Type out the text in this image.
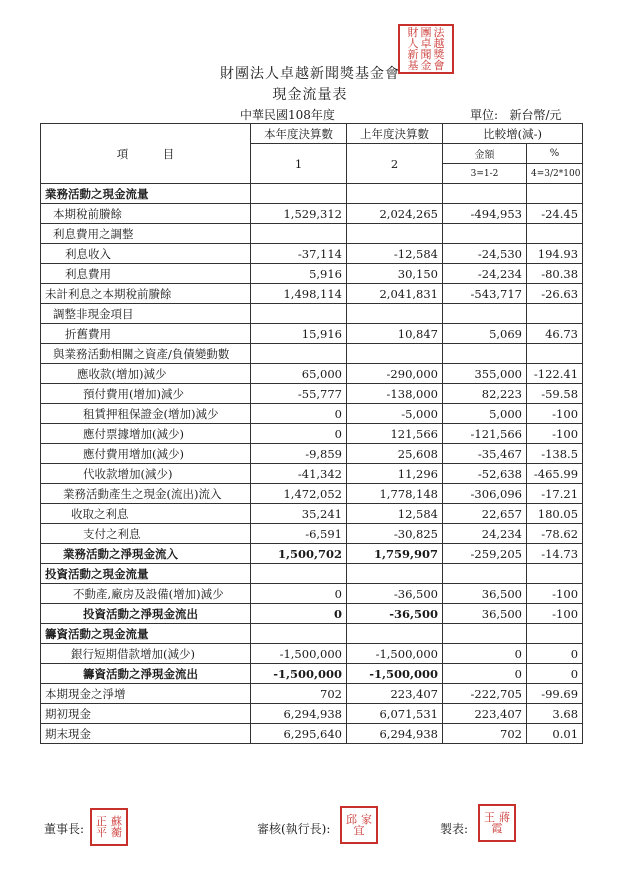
財 團 法
人 卓 越
新 聞 獎
基 金 會
財團法人卓越新聞獎基金會
現金流量表
中華民國108年度	單位: 新台幣/元
項　　　目	本年度決算數	上年度決算數	比較增(減-)	
	1	2	金額	%
			3=1-2	4=3/2*100
業務活動之現金流量				
本期稅前賸餘	1,529,312	2,024,265	-494,953	-24.45
利息費用之調整				
利息收入	-37,114	-12,584	-24,530	194.93
利息費用	5,916	30,150	-24,234	-80.38
未計利息之本期稅前賸餘	1,498,114	2,041,831	-543,717	-26.63
調整非現金項目				
折舊費用	15,916	10,847	5,069	46.73
與業務活動相關之資產/負債變動數				
應收款(增加)減少	65,000	-290,000	355,000	-122.41
預付費用(增加)減少	-55,777	-138,000	82,223	-59.58
租賃押租保證金(增加)減少	0	-5,000	5,000	-100
應付票據增加(減少)	0	121,566	-121,566	-100
應付費用增加(減少)	-9,859	25,608	-35,467	-138.5
代收款增加(減少)	-41,342	11,296	-52,638	-465.99
業務活動產生之現金(流出)流入	1,472,052	1,778,148	-306,096	-17.21
收取之利息	35,241	12,584	22,657	180.05
支付之利息	-6,591	-30,825	24,234	-78.62
業務活動之淨現金流入	1,500,702	1,759,907	-259,205	-14.73
投資活動之現金流量				
不動產,廠房及設備(增加)減少	0	-36,500	36,500	-100
投資活動之淨現金流出	0	-36,500	36,500	-100
籌資活動之現金流量				
銀行短期借款增加(減少)	-1,500,000	-1,500,000	0	0
籌資活動之淨現金流出	-1,500,000	-1,500,000	0	0
本期現金之淨增	702	223,407	-222,705	-99.69
期初現金	6,294,938	6,071,531	223,407	3.68
期末現金	6,295,640	6,294,938	702	0.01
董事長:
正 蘇
平 蘅	審核(執行長):
邱 家
宜	製表:
王 蔣
霞
